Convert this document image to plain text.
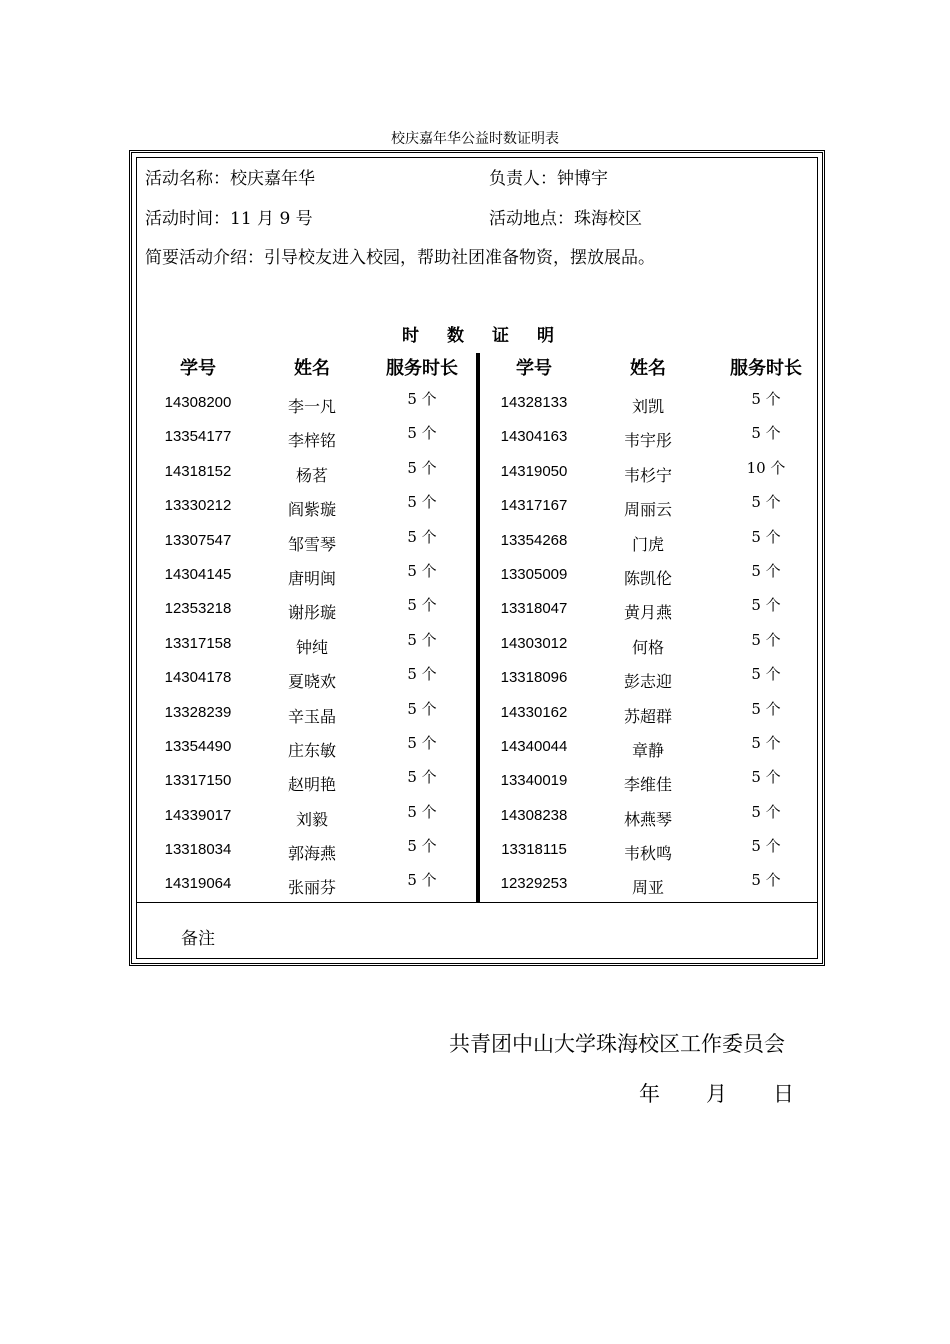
校庆嘉年华公益时数证明表
活动名称：校庆嘉年华	负责人：钟博宇
活动时间：11 月 9 号	活动地点：珠海校区
简要活动介绍：引导校友进入校园，帮助社团准备物资，摆放展品。
时数证明
学号	姓名	服务时长	学号	姓名	服务时长
14308200	李一凡	5 个	14328133	刘凯	5 个
13354177	李梓铭	5 个	14304163	韦宇彤	5 个
14318152	杨茗	5 个	14319050	韦杉宁	10 个
13330212	阎紫璇	5 个	14317167	周丽云	5 个
13307547	邹雪琴	5 个	13354268	门虎	5 个
14304145	唐明闽	5 个	13305009	陈凯伦	5 个
12353218	谢彤璇	5 个	13318047	黄月燕	5 个
13317158	钟纯	5 个	14303012	何格	5 个
14304178	夏晓欢	5 个	13318096	彭志迎	5 个
13328239	辛玉晶	5 个	14330162	苏超群	5 个
13354490	庄东敏	5 个	14340044	章静	5 个
13317150	赵明艳	5 个	13340019	李维佳	5 个
14339017	刘毅	5 个	14308238	林燕琴	5 个
13318034	郭海燕	5 个	13318115	韦秋鸣	5 个
14319064	张丽芬	5 个	12329253	周亚	5 个
备注
共青团中山大学珠海校区工作委员会
年 月 日
